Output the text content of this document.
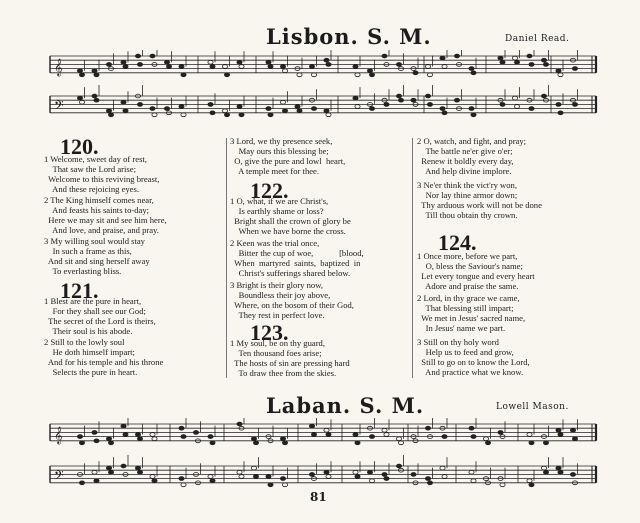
Lisbon. S. M.	Daniel Read.
𝄞
𝄢
120.
1 Welcome, sweet day of rest,
That saw the Lord arise;
Welcome to this reviving breast,
And these rejoicing eyes.
2 The King himself comes near,
And feasts his saints to-day;
Here we may sit and see him here,
And love, and praise, and pray.
3 My willing soul would stay
In such a frame as this,
And sit and sing herself away
To everlasting bliss.
121.
1 Blest are the pure in heart,
For they shall see our God;
The secret of the Lord is theirs,
Their soul is his abode.
2 Still to the lowly soul
He doth himself impart;
And for his temple and his throne
Selects the pure in heart.
3 Lord, we thy presence seek,
May ours this blessing be;
O, give the pure and lowl  heart,
A temple meet for thee.
122.
1 O, what, if we are Christ's,
Is earthly shame or loss?
Bright shall the crown of glory be
When we have borne the cross.
2 Keen was the trial once,
Bitter the cup of woe,            [blood,
When  martyred  saints,  baptized  in
Christ's sufferings shared below.
3 Bright is their glory now,
Boundless their joy above,
Where, on the bosom of their God,
They rest in perfect love.
123.
1 My soul, be on thy guard,
Ten thousand foes arise;
The hosts of sin are pressing hard
To draw thee from the skies.
2 O, watch, and fight, and pray;
The battle ne'er give o'er;
Renew it boldly every day,
And help divine implore.
3 Ne'er think the vict'ry won,
Nor lay thine armor down;
Thy arduous work will not be done
Till thou obtain thy crown.
124.
1 Once more, before we part,
O, bless the Saviour's name;
Let every tongue and every heart
Adore and praise the same.
2 Lord, in thy grace we came,
That blessing still impart;
We met in Jesus' sacred name,
In Jesus' name we part.
3 Still on thy holy word
Help us to feed and grow,
Still to go on to know the Lord,
And practice what we know.
Laban. S. M.	Lowell Mason.
𝄞
𝄢
81
